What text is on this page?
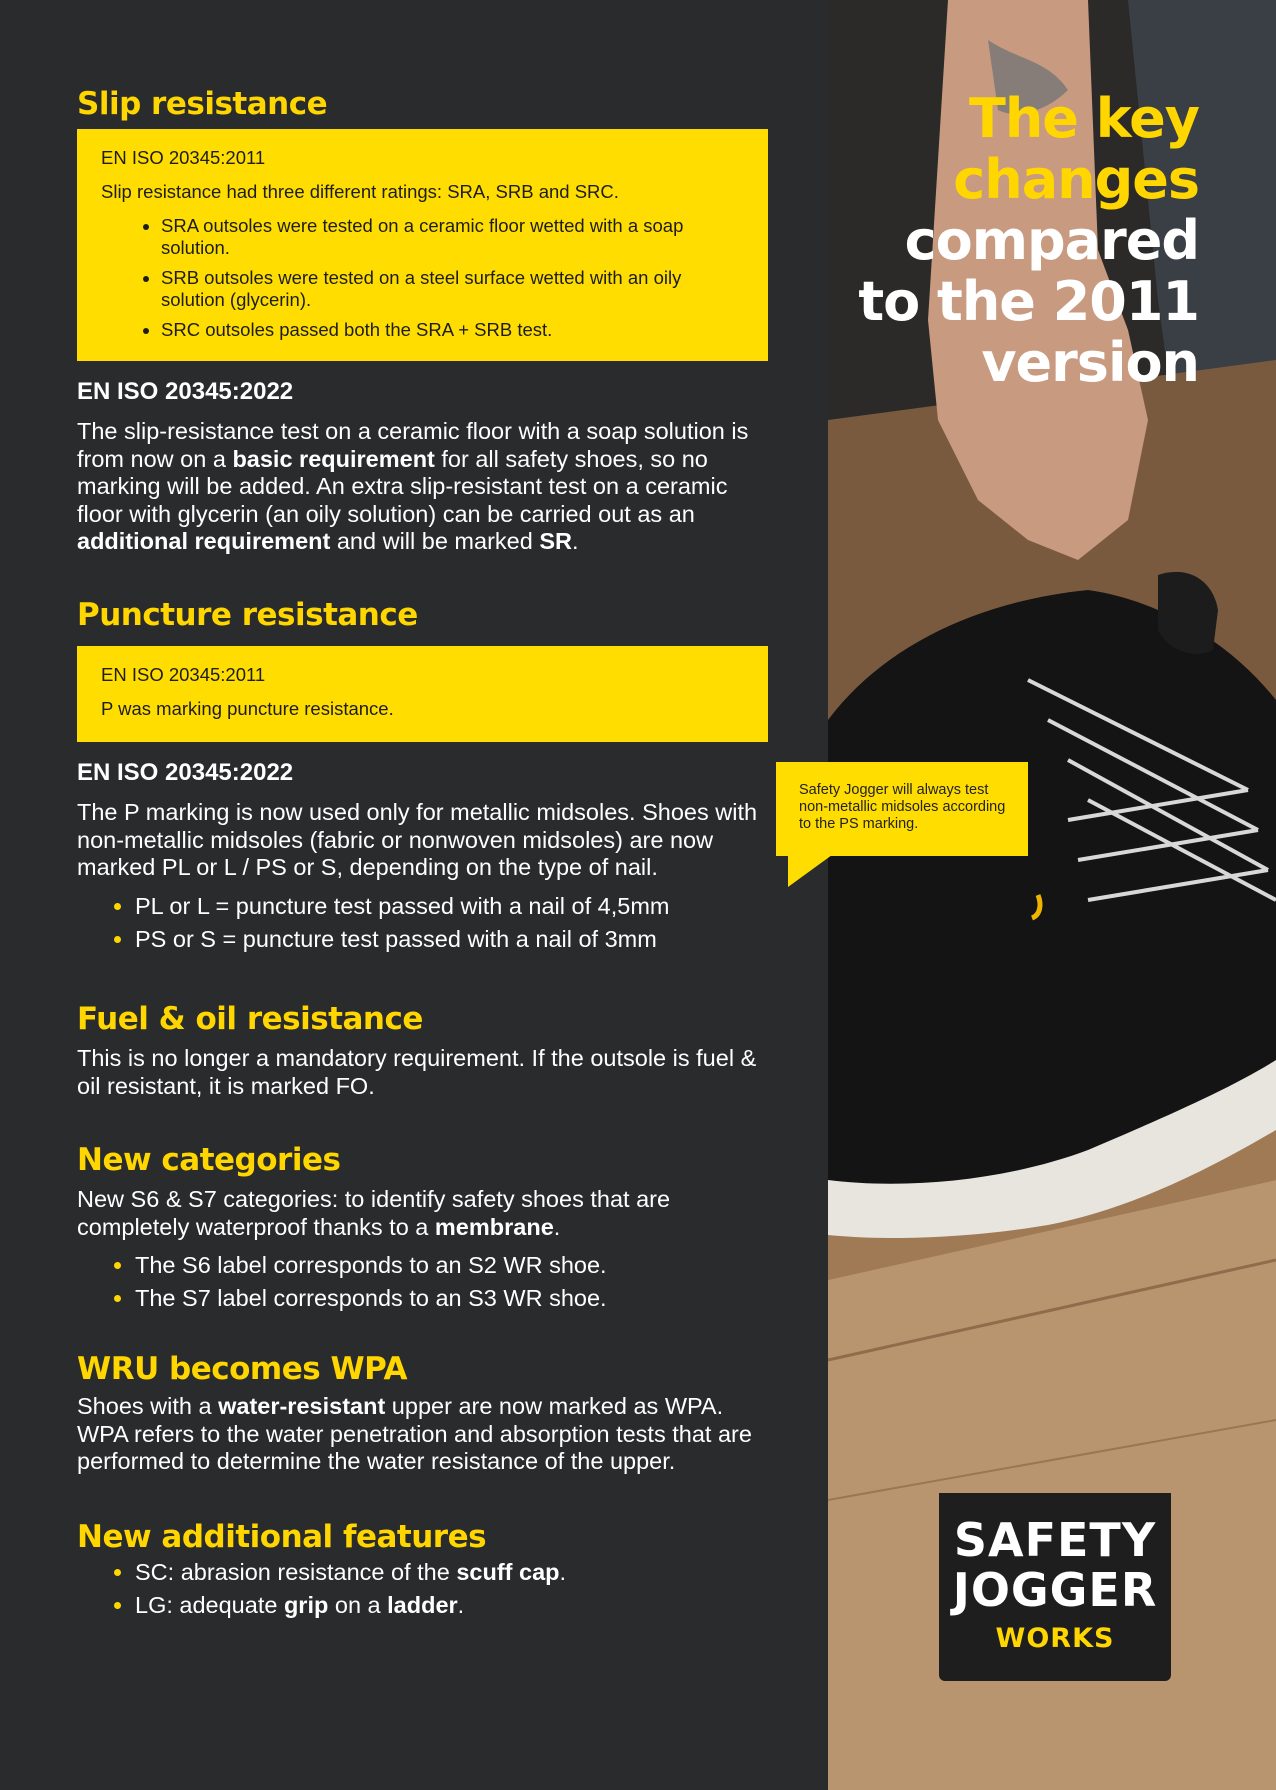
Slip resistance

EN ISO 20345:2011

Slip resistance had three different ratings: SRA, SRB and SRC.

• SRA outsoles were tested on a ceramic floor wetted with a soap solution.
• SRB outsoles were tested on a steel surface wetted with an oily solution (glycerin).
• SRC outsoles passed both the SRA + SRB test.
EN ISO 20345:2022

The slip-resistance test on a ceramic floor with a soap solution is from now on a basic requirement for all safety shoes, so no marking will be added. An extra slip-resistant test on a ceramic floor with glycerin (an oily solution) can be carried out as an additional requirement and will be marked SR.

Puncture resistance

EN ISO 20345:2011

P was marking puncture resistance.

EN ISO 20345:2022

The P marking is now used only for metallic midsoles. Shoes with non-metallic midsoles (fabric or nonwoven midsoles) are now marked PL or L / PS or S, depending on the type of nail.

• PL or L = puncture test passed with a nail of 4,5mm
• PS or S = puncture test passed with a nail of 3mm
Fuel & oil resistance

This is no longer a mandatory requirement. If the outsole is fuel & oil resistant, it is marked FO.

New categories

New S6 & S7 categories: to identify safety shoes that are completely waterproof thanks to a membrane.

• The S6 label corresponds to an S2 WR shoe.
• The S7 label corresponds to an S3 WR shoe.
WRU becomes WPA

Shoes with a water-resistant upper are now marked as WPA. WPA refers to the water penetration and absorption tests that are performed to determine the water resistance of the upper.

New additional features
• SC: abrasion resistance of the scuff cap.
• LG: adequate grip on a ladder.
The key
changes
compared
to the 2011
version
Safety Jogger will always test non-metallic midsoles according to the PS marking.
SAFETY
JOGGER
WORKS
